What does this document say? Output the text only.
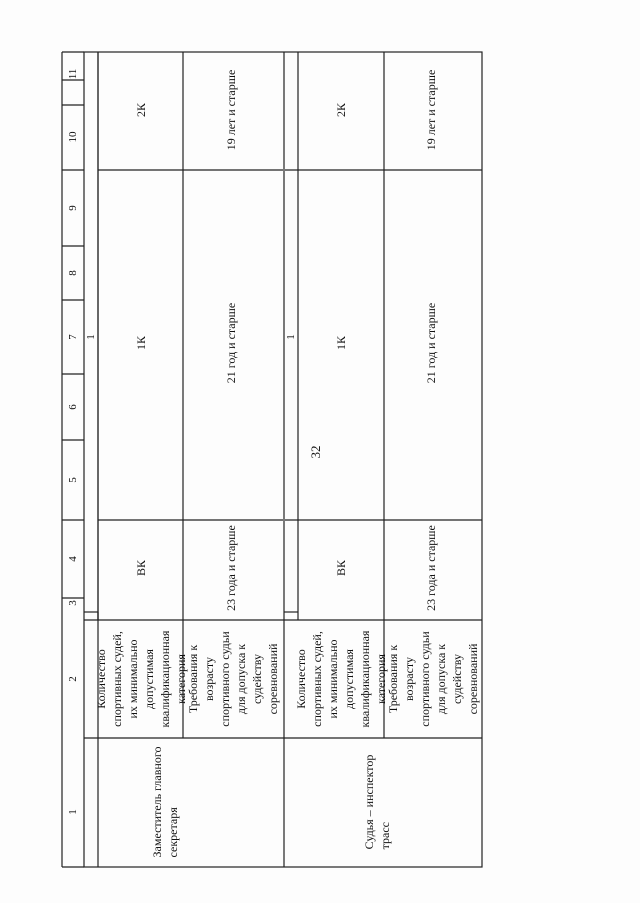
32
1
2
3
4
5
6
7
8
9
10
11
Заместитель главного секретаря
1
Количество спортивных судей, их минимально допустимая квалификационная категория
ВК
1К
2К
Требования к возрасту спортивного судьи для допуска к судейству соревнований
23 года и старше
21 год и старше
19 лет и старше
Судья – инспектор трасс
1
Количество спортивных судей, их минимально допустимая квалификационная категория
ВК
1К
2К
Требования к возрасту спортивного судьи для допуска к судейству соревнований
23 года и старше
21 год и старше
19 лет и старше
